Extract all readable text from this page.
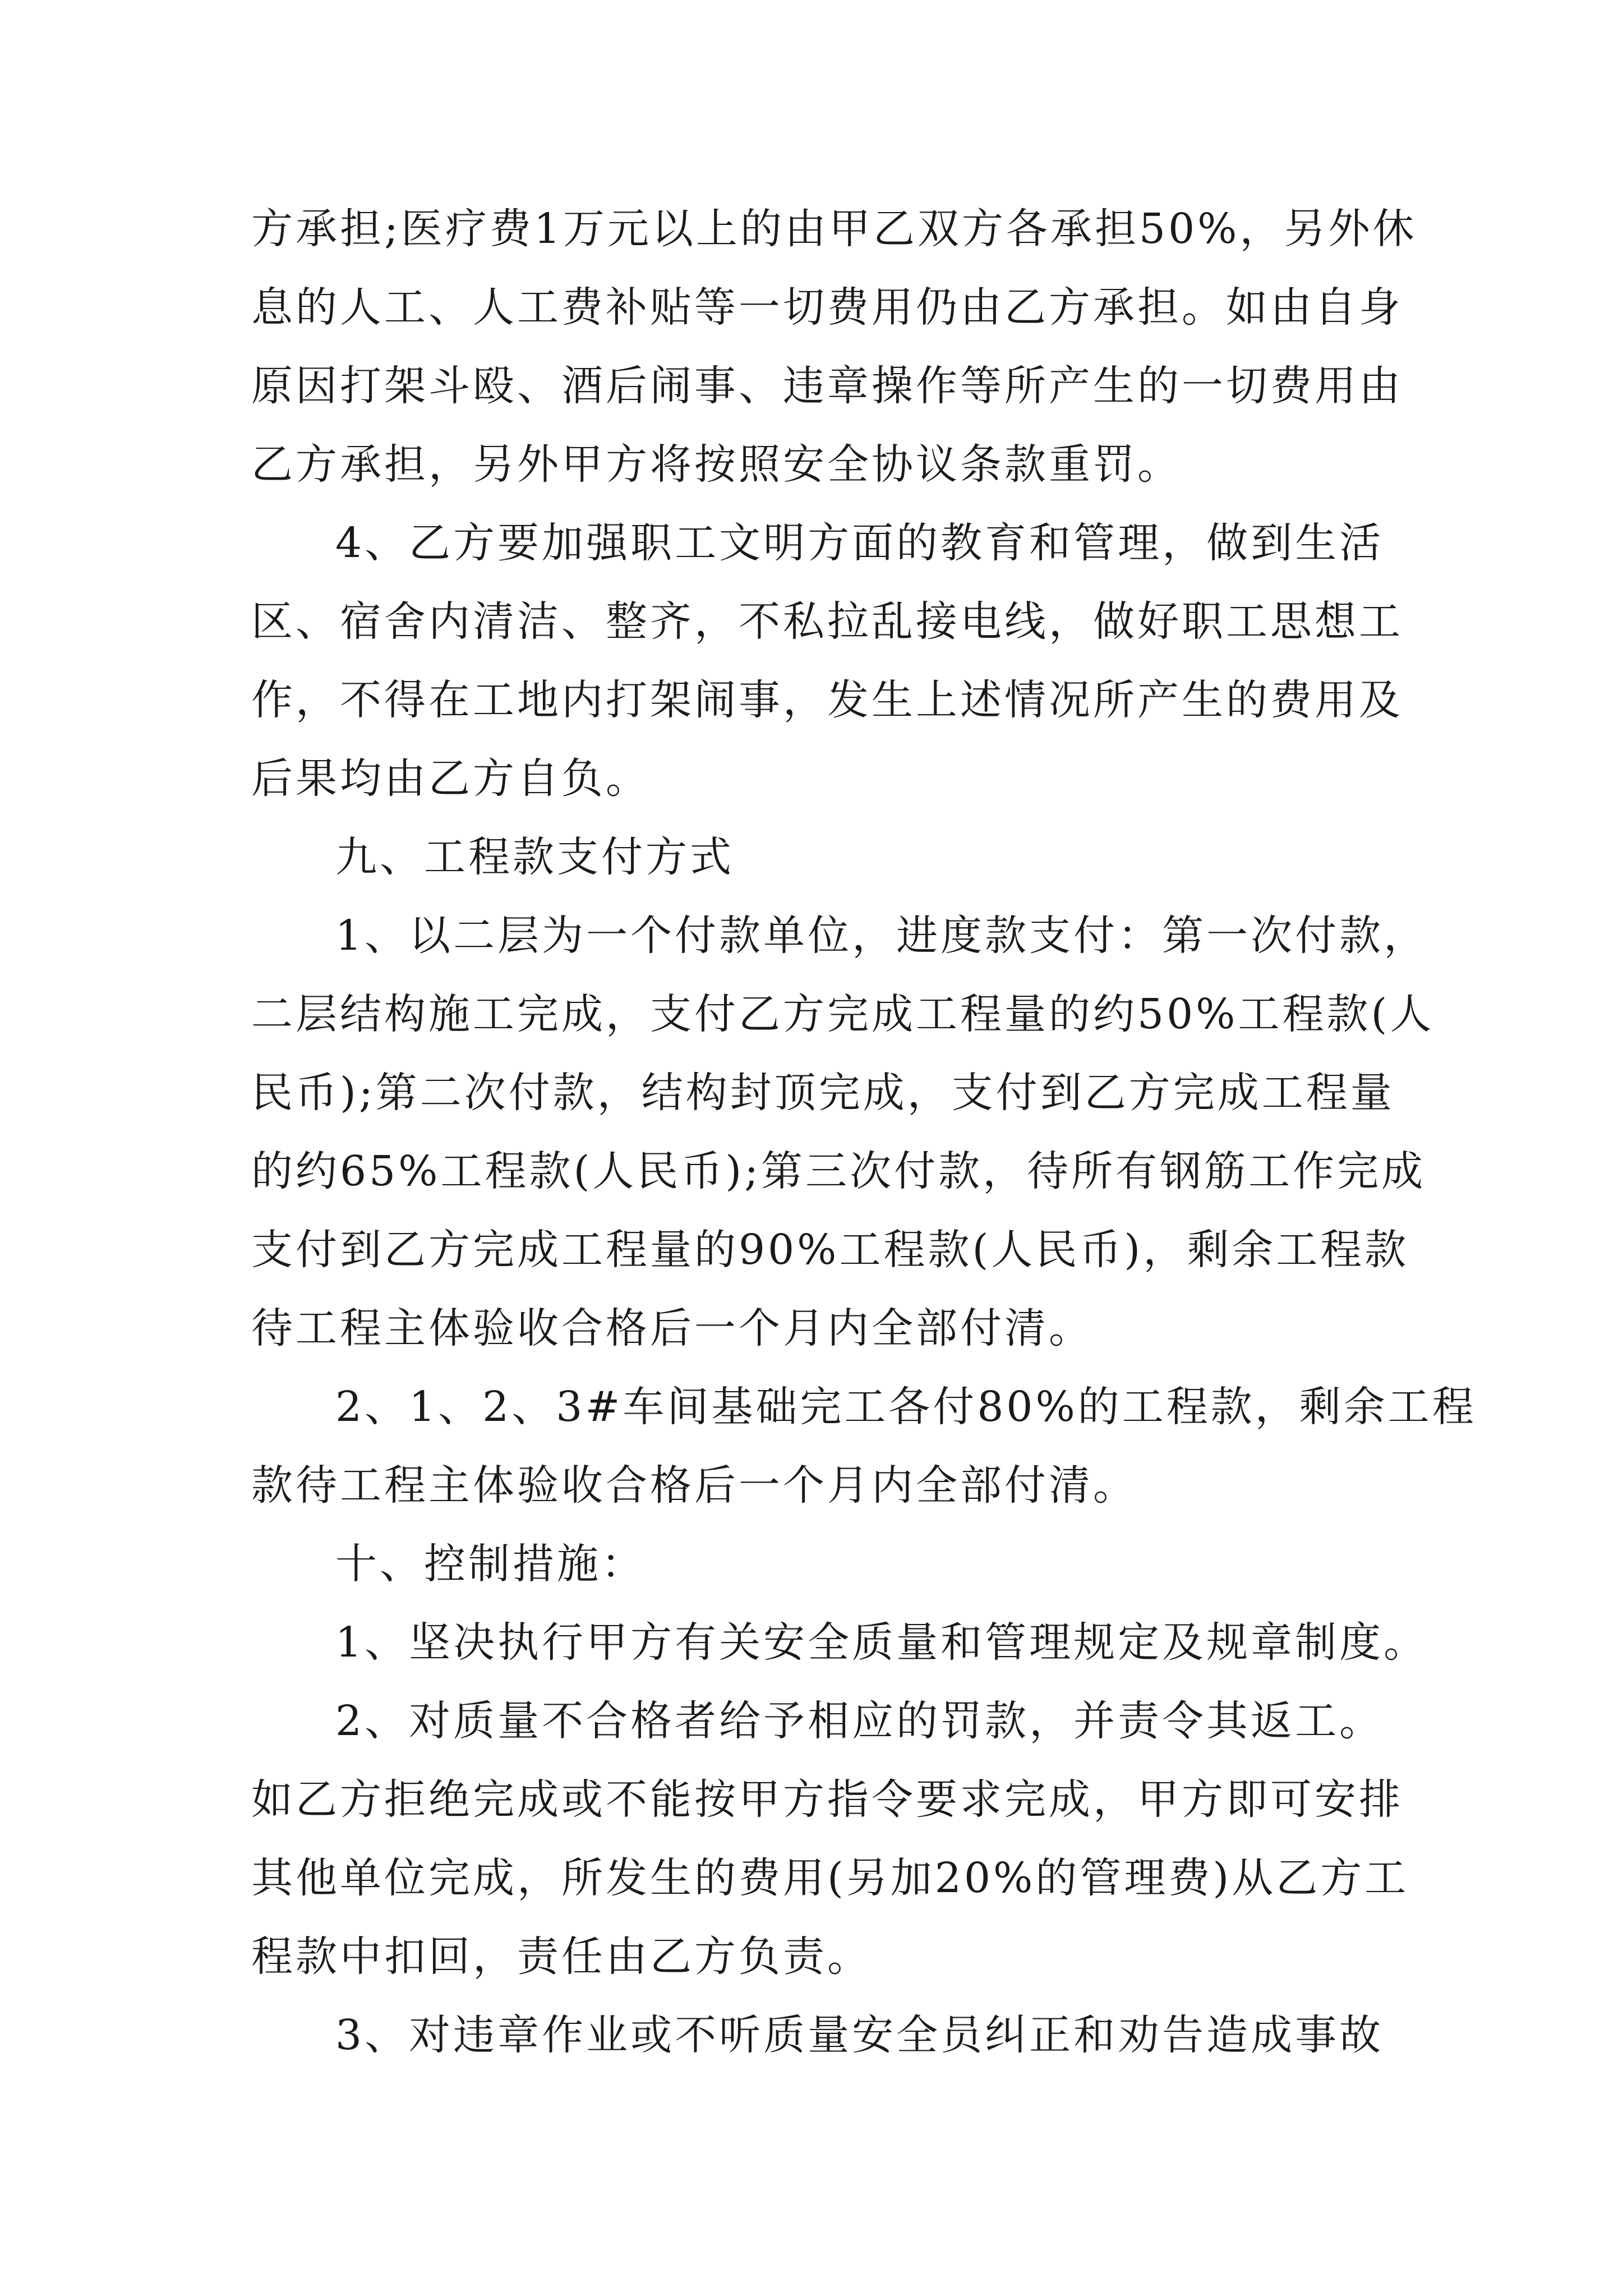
方承担;医疗费1万元以上的由甲乙双方各承担50%，另外休
息的人工、人工费补贴等一切费用仍由乙方承担。如由自身
原因打架斗殴、酒后闹事、违章操作等所产生的一切费用由
乙方承担，另外甲方将按照安全协议条款重罚。
4、乙方要加强职工文明方面的教育和管理，做到生活
区、宿舍内清洁、整齐，不私拉乱接电线，做好职工思想工
作，不得在工地内打架闹事，发生上述情况所产生的费用及
后果均由乙方自负。
九、工程款支付方式
1、以二层为一个付款单位，进度款支付：第一次付款，
二层结构施工完成，支付乙方完成工程量的约50%工程款(人
民币);第二次付款，结构封顶完成，支付到乙方完成工程量
的约65%工程款(人民币);第三次付款，待所有钢筋工作完成
支付到乙方完成工程量的90%工程款(人民币)，剩余工程款
待工程主体验收合格后一个月内全部付清。
2、1、2、3#车间基础完工各付80%的工程款，剩余工程
款待工程主体验收合格后一个月内全部付清。
十、控制措施：
1、坚决执行甲方有关安全质量和管理规定及规章制度。
2、对质量不合格者给予相应的罚款，并责令其返工。
如乙方拒绝完成或不能按甲方指令要求完成，甲方即可安排
其他单位完成，所发生的费用(另加20%的管理费)从乙方工
程款中扣回，责任由乙方负责。
3、对违章作业或不听质量安全员纠正和劝告造成事故
